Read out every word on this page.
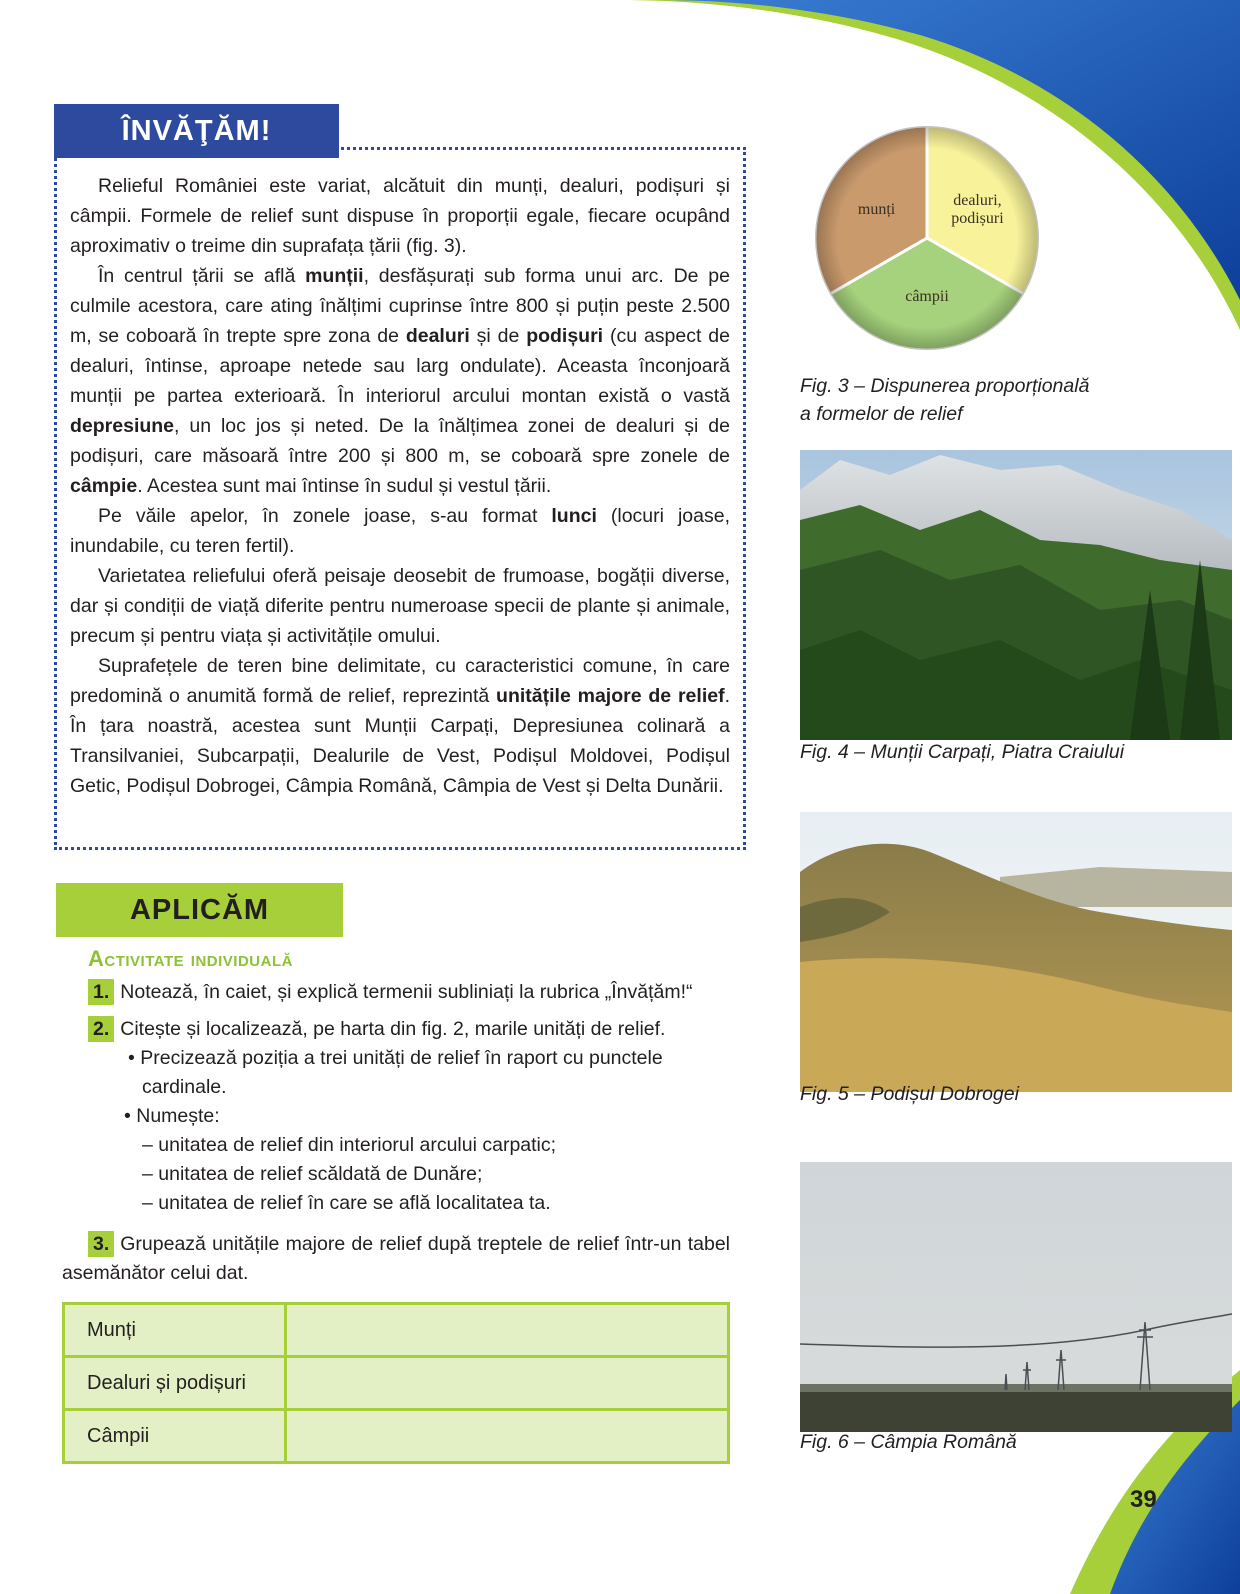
ÎNVĂŢĂM!

Relieful României este variat, alcătuit din munți, dealuri, podișuri și câmpii. Formele de relief sunt dispuse în proporții egale, fiecare ocupând aproximativ o treime din suprafața țării (fig. 3).

În centrul țării se află munții, desfășurați sub forma unui arc. De pe culmile acestora, care ating înălțimi cuprinse între 800 și puțin peste 2.500 m, se coboară în trepte spre zona de dealuri și de podișuri (cu aspect de dealuri, întinse, aproape netede sau larg ondulate). Aceasta înconjoară munții pe partea exterioară. În interiorul arcului montan există o vastă depresiune, un loc jos și neted. De la înălțimea zonei de dealuri și de podișuri, care măsoară între 200 și 800 m, se coboară spre zonele de câmpie. Acestea sunt mai întinse în sudul și vestul țării.

Pe văile apelor, în zonele joase, s-au format lunci (locuri joase, inundabile, cu teren fertil).

Varietatea reliefului oferă peisaje deosebit de frumoase, bogății diverse, dar și condiții de viață diferite pentru numeroase specii de plante și animale, precum și pentru viața și activitățile omului.

Suprafețele de teren bine delimitate, cu caracteristici comune, în care predomină o anumită formă de relief, reprezintă unitățile majore de relief. În țara noastră, acestea sunt Munții Carpați, Depresiunea colinară a Transilvaniei, Subcarpații, Dealurile de Vest, Podișul Moldovei, Podișul Getic, Podișul Dobrogei, Câmpia Română, Câmpia de Vest și Delta Dunării.

APLICĂM
Activitate individuală

1. Notează, în caiet, și explică termenii subliniați la rubrica „Învățăm!“

2. Citește și localizează, pe harta din fig. 2, marile unități de relief.

• Precizează poziția a trei unități de relief în raport cu punctele cardinale.

• Numește:

– unitatea de relief din interiorul arcului carpatic;

– unitatea de relief scăldată de Dunăre;

– unitatea de relief în care se află localitatea ta.

3. Grupează unitățile majore de relief după treptele de relief într-un tabel asemănător celui dat.

Munți	
Dealuri și podișuri	
Câmpii	
dealuri,
podișuri
câmpii
munți
Fig. 3 – Dispunerea proporțională
a formelor de relief
Fig. 4 – Munții Carpați, Piatra Craiului
Fig. 5 – Podișul Dobrogei
Fig. 6 – Câmpia Română
39
